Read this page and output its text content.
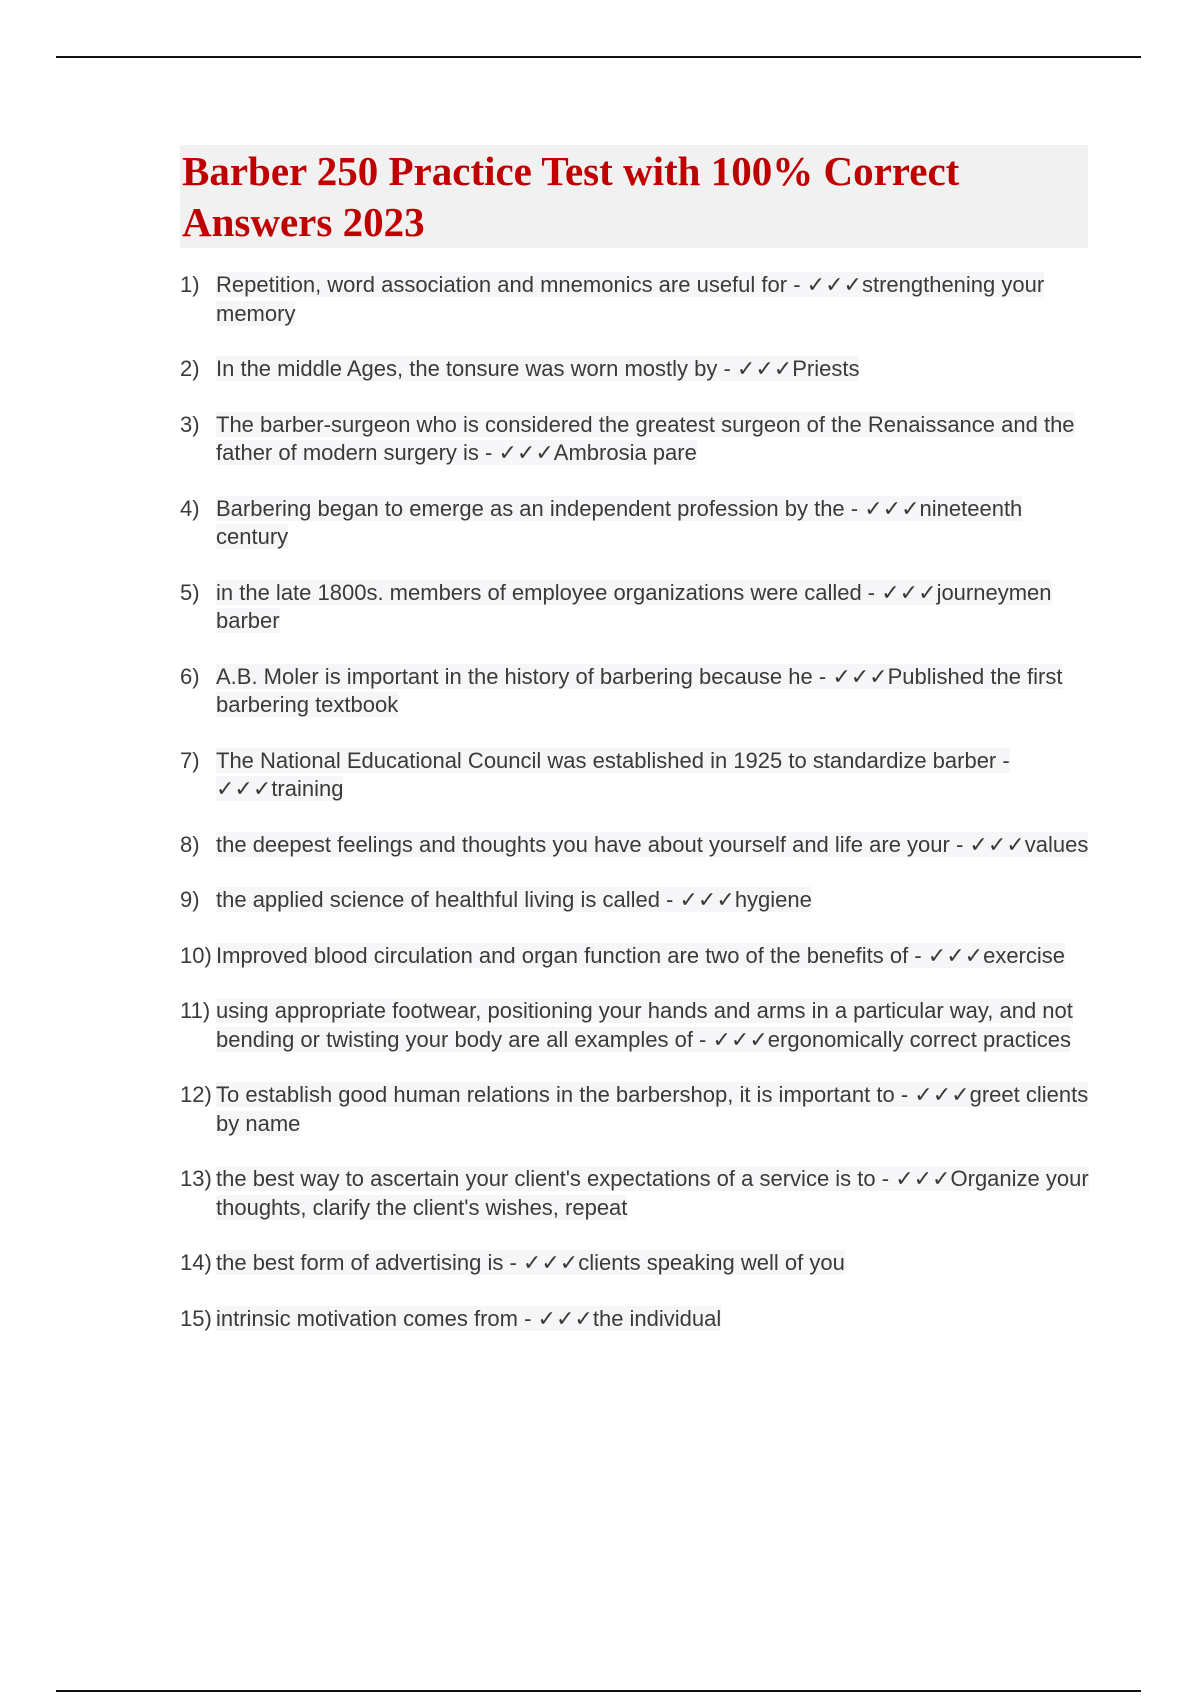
Barber 250 Practice Test with 100% Correct Answers 2023
1) Repetition, word association and mnemonics are useful for - ✓✓✓strengthening your memory
2) In the middle Ages, the tonsure was worn mostly by - ✓✓✓Priests
3) The barber-surgeon who is considered the greatest surgeon of the Renaissance and the father of modern surgery is - ✓✓✓Ambrosia pare
4) Barbering began to emerge as an independent profession by the - ✓✓✓nineteenth century
5) in the late 1800s. members of employee organizations were called - ✓✓✓journeymen barber
6) A.B. Moler is important in the history of barbering because he - ✓✓✓Published the first barbering textbook
7) The National Educational Council was established in 1925 to standardize barber - ✓✓✓training
8) the deepest feelings and thoughts you have about yourself and life are your - ✓✓✓values
9) the applied science of healthful living is called - ✓✓✓hygiene
10) Improved blood circulation and organ function are two of the benefits of - ✓✓✓exercise
11) using appropriate footwear, positioning your hands and arms in a particular way, and not bending or twisting your body are all examples of - ✓✓✓ergonomically correct practices
12) To establish good human relations in the barbershop, it is important to - ✓✓✓greet clients by name
13) the best way to ascertain your client's expectations of a service is to - ✓✓✓Organize your thoughts, clarify the client's wishes, repeat
14) the best form of advertising is - ✓✓✓clients speaking well of you
15) intrinsic motivation comes from - ✓✓✓the individual
